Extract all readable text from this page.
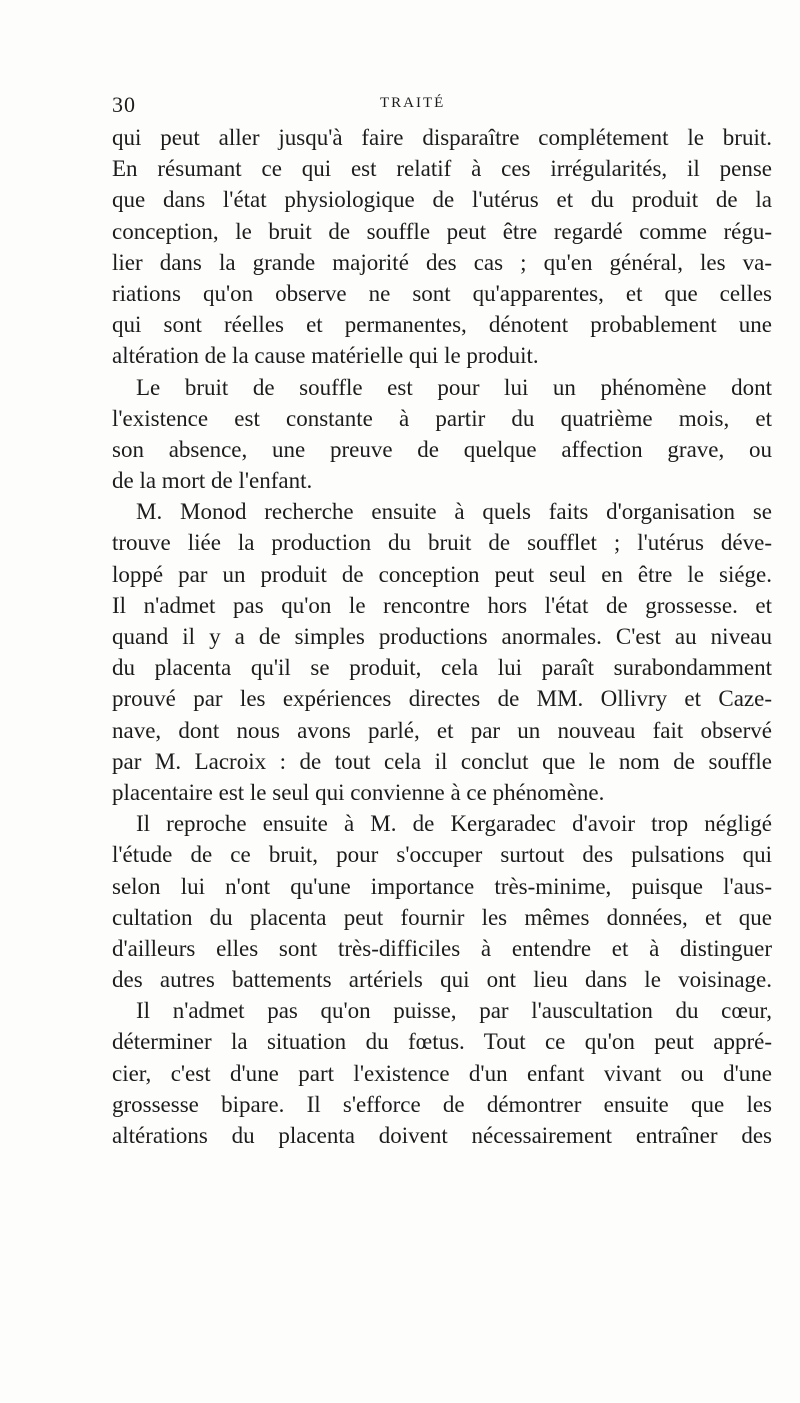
30	TRAITÉ
qui peut aller jusqu'à faire disparaître complétement le bruit.
En résumant ce qui est relatif à ces irrégularités, il pense
que dans l'état physiologique de l'utérus et du produit de la
conception, le bruit de souffle peut être regardé comme régu-
lier dans la grande majorité des cas ; qu'en général, les va-
riations qu'on observe ne sont qu'apparentes, et que celles
qui sont réelles et permanentes, dénotent probablement une
altération de la cause matérielle qui le produit.
Le bruit de souffle est pour lui un phénomène dont
l'existence est constante à partir du quatrième mois, et
son absence, une preuve de quelque affection grave, ou
de la mort de l'enfant.
M. Monod recherche ensuite à quels faits d'organisation se
trouve liée la production du bruit de soufflet ; l'utérus déve-
loppé par un produit de conception peut seul en être le siége.
Il n'admet pas qu'on le rencontre hors l'état de grossesse. et
quand il y a de simples productions anormales. C'est au niveau
du placenta qu'il se produit, cela lui paraît surabondamment
prouvé par les expériences directes de MM. Ollivry et Caze-
nave, dont nous avons parlé, et par un nouveau fait observé
par M. Lacroix : de tout cela il conclut que le nom de souffle
placentaire est le seul qui convienne à ce phénomène.
Il reproche ensuite à M. de Kergaradec d'avoir trop négligé
l'étude de ce bruit, pour s'occuper surtout des pulsations qui
selon lui n'ont qu'une importance très-minime, puisque l'aus-
cultation du placenta peut fournir les mêmes données, et que
d'ailleurs elles sont très-difficiles à entendre et à distinguer
des autres battements artériels qui ont lieu dans le voisinage.
Il n'admet pas qu'on puisse, par l'auscultation du cœur,
déterminer la situation du fœtus. Tout ce qu'on peut appré-
cier, c'est d'une part l'existence d'un enfant vivant ou d'une
grossesse bipare. Il s'efforce de démontrer ensuite que les
altérations du placenta doivent nécessairement entraîner des
